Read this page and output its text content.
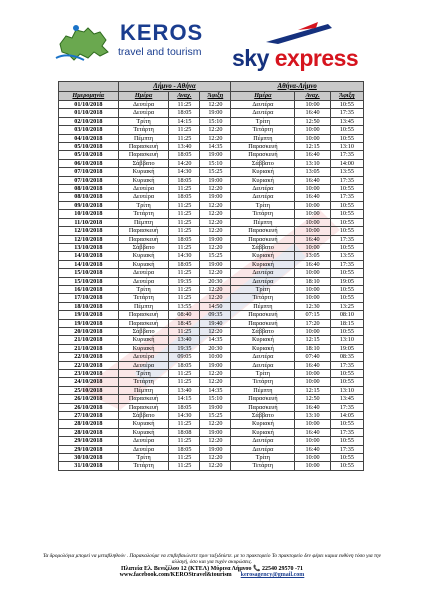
KEROS
travel and tourism sky express
	Λήμνο - Αθήνα			Αθήνα-Λήμνο		
Ημερομηνία	Ημέρα	Αναχ.	Άφιξη	Ημέρα	Αναχ.	Άφιξη
01/10/2018	Δευτέρα	11:25	12:20	Δευτέρα	10:00	10:55
01/10/2018	Δευτέρα	18:05	19:00	Δευτέρα	16:40	17:35
02/10/2018	Τρίτη	14:15	15:10	Τρίτη	12:50	13:45
03/10/2018	Τετάρτη	11:25	12:20	Τετάρτη	10:00	10:55
04/10/2018	Πέμπτη	11:25	12:20	Πέμπτη	10:00	10:55
05/10/2018	Παρασκευή	13:40	14:35	Παρασκευή	12:15	13:10
05/10/2018	Παρασκευή	18:05	19:00	Παρασκευή	16:40	17:35
06/10/2018	Σάββατο	14:20	15:10	Σάββατο	13:10	14:00
07/10/2018	Κυριακή	14:30	15:25	Κυριακή	13:05	13:55
07/10/2018	Κυριακή	18:05	19:00	Κυριακή	16:40	17:35
08/10/2018	Δευτέρα	11:25	12:20	Δευτέρα	10:00	10:55
08/10/2018	Δευτέρα	18:05	19:00	Δευτέρα	16:40	17:35
09/10/2018	Τρίτη	11:25	12:20	Τρίτη	10:00	10:55
10/10/2018	Τετάρτη	11:25	12:20	Τετάρτη	10:00	10:55
11/10/2018	Πέμπτη	11:25	12:20	Πέμπτη	10:00	10:55
12/10/2018	Παρασκευή	11:25	12:20	Παρασκευή	10:00	10:55
12/10/2018	Παρασκευή	18:05	19:00	Παρασκευή	16:40	17:35
13/10/2018	Σάββατο	11:25	12:20	Σάββατο	10:00	10:55
14/10/2018	Κυριακή	14:30	15:25	Κυριακή	13:05	13:55
14/10/2018	Κυριακή	18:05	19:00	Κυριακή	16:40	17:35
15/10/2018	Δευτέρα	11:25	12:20	Δευτέρα	10:00	10:55
15/10/2018	Δευτέρα	19:35	20:30	Δευτέρα	18:10	19:05
16/10/2018	Τρίτη	11:25	12:20	Τρίτη	10:00	10:55
17/10/2018	Τετάρτη	11:25	12:20	Τετάρτη	10:00	10:55
18/10/2018	Πέμπτη	13:55	14:50	Πέμπτη	12:30	13:25
19/10/2018	Παρασκευή	08:40	09:35	Παρασκευή	07:15	08:10
19/10/2018	Παρασκευή	18:45	19:40	Παρασκευή	17:20	18:15
20/10/2018	Σάββατο	11:25	12:20	Σάββατο	10:00	10:55
21/10/2018	Κυριακή	13:40	14:35	Κυριακή	12:15	13:10
21/10/2018	Κυριακή	19:35	20:30	Κυριακή	18:10	19:05
22/10/2018	Δευτέρα	09:05	10:00	Δευτέρα	07:40	08:35
22/10/2018	Δευτέρα	18:05	19:00	Δευτέρα	16:40	17:35
23/10/2018	Τρίτη	11:25	12:20	Τρίτη	10:00	10:55
24/10/2018	Τετάρτη	11:25	12:20	Τετάρτη	10:00	10:55
25/10/2018	Πέμπτη	13:40	14:35	Πέμπτη	12:15	13:10
26/10/2018	Παρασκευή	14:15	15:10	Παρασκευή	12:50	13:45
26/10/2018	Παρασκευή	18:05	19:00	Παρασκευή	16:40	17:35
27/10/2018	Σάββατο	14:30	15:25	Σάββατο	13:10	14:05
28/10/2018	Κυριακή	11:25	12:20	Κυριακή	10:00	10:55
28/10/2018	Κυριακή	18:08	19:00	Κυριακή	16:40	17:35
29/10/2018	Δευτέρα	11:25	12:20	Δευτέρα	10:00	10:55
29/10/2018	Δευτέρα	18:05	19:00	Δευτέρα	16:40	17:35
30/10/2018	Τρίτη	11:25	12:20	Τρίτη	10:00	10:55
31/10/2018	Τετάρτη	11:25	12:20	Τετάρτη	10:00	10:55
Τα δρομολόγια μπορεί να μεταβληθούν . Παρακαλούμε να επιβεβαιώνετε πριν ταξιδεύετε. με το πρακτορείο Το πρακτορείο δεν φέρει καμια ευθύνη τόσο για την αλλαγή, όσο και για τυχόν ακυρώσεις.
Πλατεία Ελ. Βενιζέλου 12 (ΚΤΕΛ) Μύρινα Λήμνου 📞 22540 29570 -71
www.facebook.com/KEROStravel&tourism kerosagency@gmail.com
